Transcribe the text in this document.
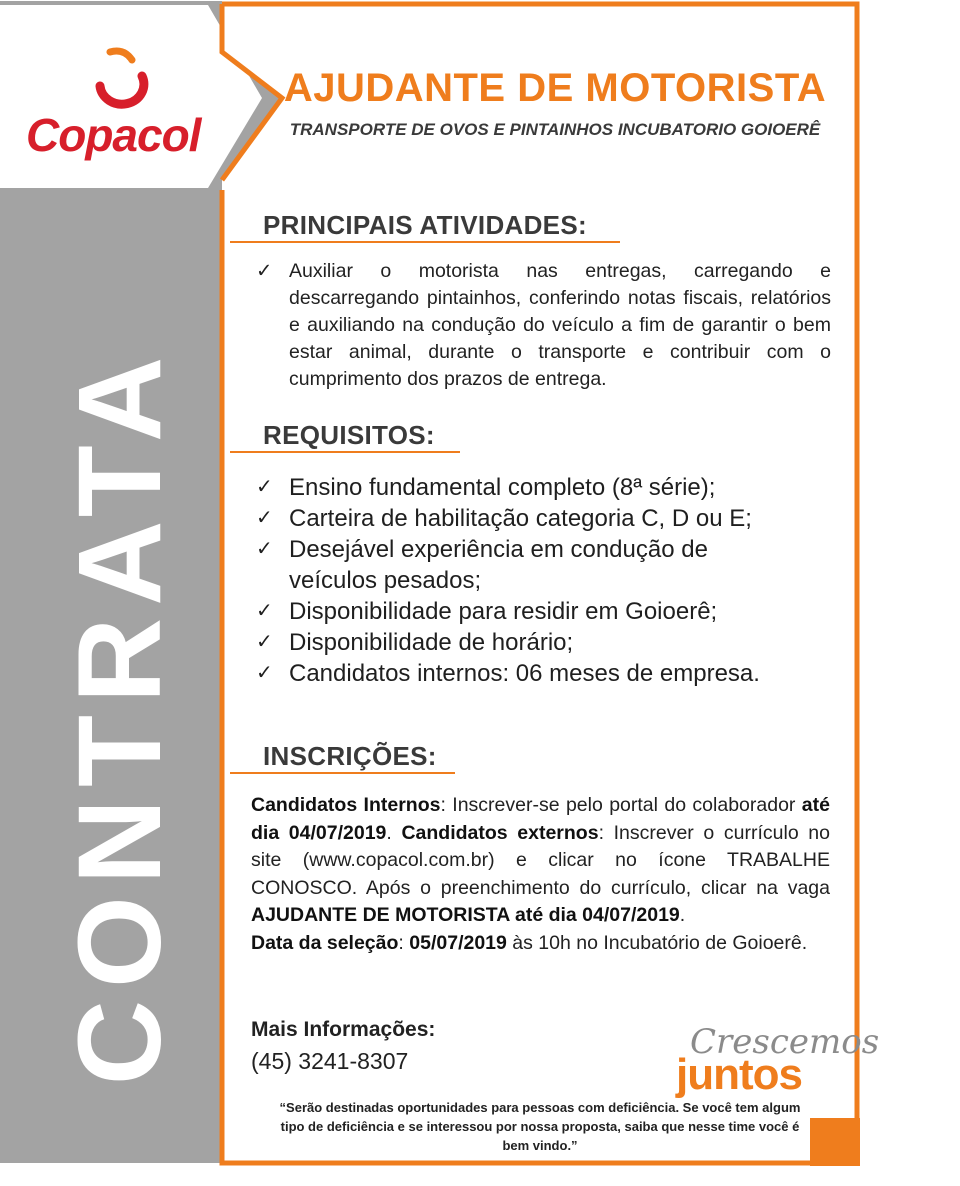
Copacol
CONTRATA
AJUDANTE DE MOTORISTA
TRANSPORTE DE OVOS E PINTAINHOS INCUBATORIO GOIOERÊ
PRINCIPAIS ATIVIDADES:
✓ Auxiliar o motorista nas entregas, carregando e descarregando pintainhos, conferindo notas fiscais, relatórios e auxiliando na condução do veículo a fim de garantir o bem estar animal, durante o transporte e contribuir com o cumprimento dos prazos de entrega.

REQUISITOS:
✓ Ensino fundamental completo (8ª série);
✓ Carteira de habilitação categoria C, D ou E;
✓ Desejável experiência em condução de veículos pesados;
✓ Disponibilidade para residir em Goioerê;
✓ Disponibilidade de horário;
✓ Candidatos internos: 06 meses de empresa.
INSCRIÇÕES:
Candidatos Internos: Inscrever-se pelo portal do colaborador até dia 04/07/2019. Candidatos externos: Inscrever o currículo no site (www.copacol.com.br) e clicar no ícone TRABALHE CONOSCO. Após o preenchimento do currículo, clicar na vaga AJUDANTE DE MOTORISTA até dia 04/07/2019.
Data da seleção: 05/07/2019 às 10h no Incubatório de Goioerê.
Mais Informações:
(45) 3241-8307	Crescemos
juntos
“Serão destinadas oportunidades para pessoas com deficiência. Se você tem algum tipo de deficiência e se interessou por nossa proposta, saiba que nesse time você é bem vindo.”
